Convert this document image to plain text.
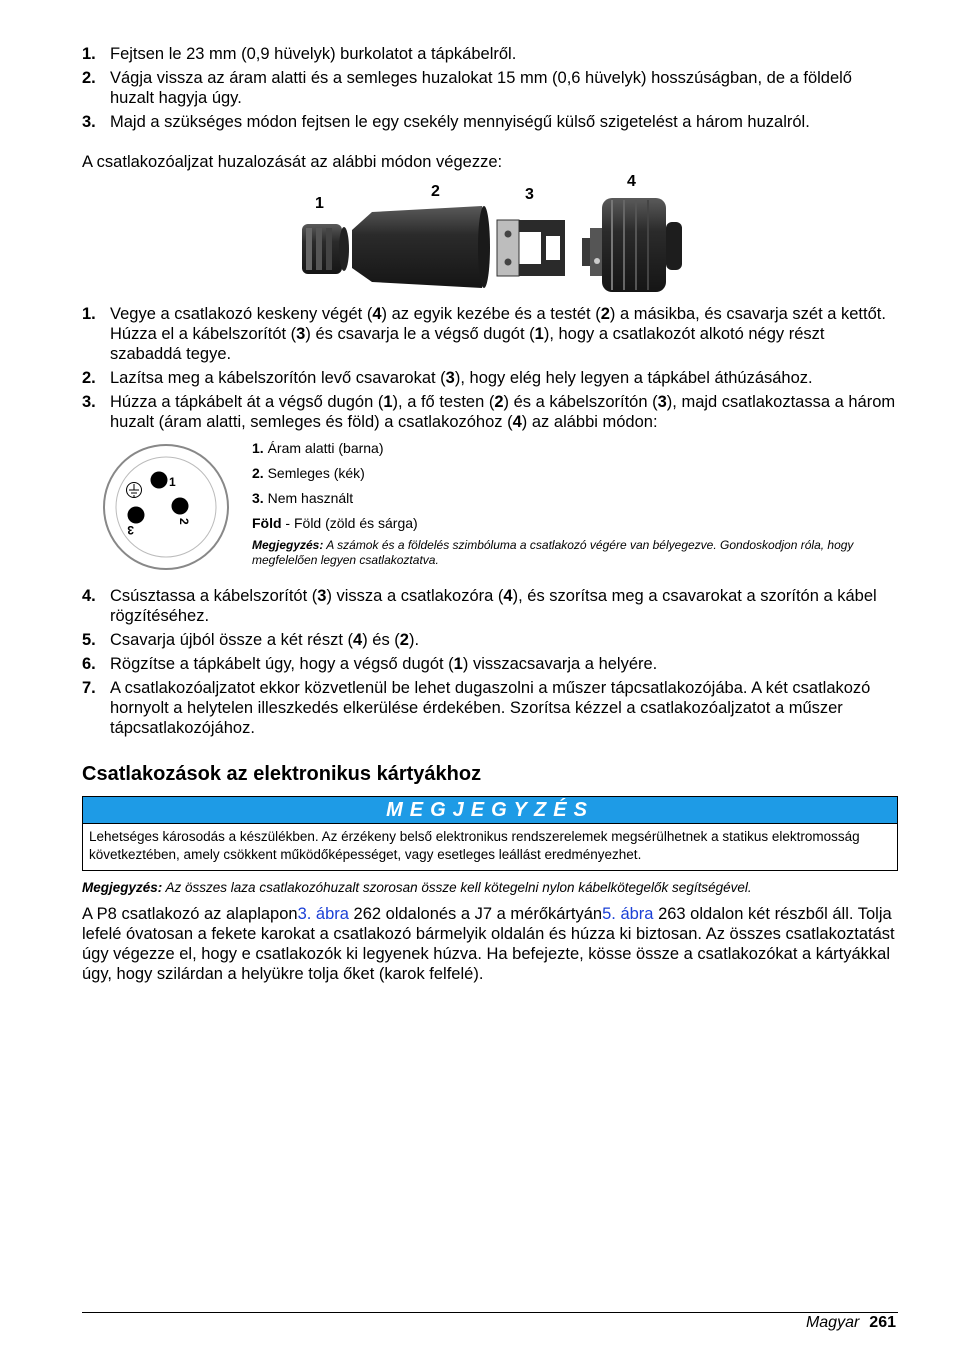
1. Fejtsen le 23 mm (0,9 hüvelyk) burkolatot a tápkábelről.
2. Vágja vissza az áram alatti és a semleges huzalokat 15 mm (0,6 hüvelyk) hosszúságban, de a földelő huzalt hagyja úgy.
3. Majd a szükséges módon fejtsen le egy csekély mennyiségű külső szigetelést a három huzalról.

A csatlakozóaljzat huzalozását az alábbi módon végezze:

1
2	3
4
1. Vegye a csatlakozó keskeny végét (4) az egyik kezébe és a testét (2) a másikba, és csavarja szét a kettőt. Húzza el a kábelszorítót (3) és csavarja le a végső dugót (1), hogy a csatlakozót alkotó négy részt szabaddá tegye.
2. Lazítsa meg a kábelszorítón levő csavarokat (3), hogy elég hely legyen a tápkábel áthúzásához.
3. Húzza a tápkábelt át a végső dugón (1), a fő testen (2) és a kábelszorítón (3), majd csatlakoztassa a három huzalt (áram alatti, semleges és föld) a csatlakozóhoz (4) az alábbi módon:
1
2
3
1. Áram alatti (barna)
2. Semleges (kék)
3. Nem használt
Föld - Föld (zöld és sárga)
Megjegyzés: A számok és a földelés szimbóluma a csatlakozó végére van bélyegezve. Gondoskodjon róla, hogy megfelelően legyen csatlakoztatva.
4. Csúsztassa a kábelszorítót (3) vissza a csatlakozóra (4), és szorítsa meg a csavarokat a szorítón a kábel rögzítéséhez.
5. Csavarja újból össze a két részt (4) és (2).
6. Rögzítse a tápkábelt úgy, hogy a végső dugót (1) visszacsavarja a helyére.
7. A csatlakozóaljzatot ekkor közvetlenül be lehet dugaszolni a műszer tápcsatlakozójába. A két csatlakozó hornyolt a helytelen illeszkedés elkerülése érdekében. Szorítsa kézzel a csatlakozóaljzatot a műszer tápcsatlakozójához.
Csatlakozások az elektronikus kártyákhoz
MEGJEGYZÉS
Lehetséges károsodás a készülékben. Az érzékeny belső elektronikus rendszerelemek megsérülhetnek a statikus elektromosság következtében, amely csökkent működőképességet, vagy esetleges leállást eredményezhet.

Megjegyzés: Az összes laza csatlakozóhuzalt szorosan össze kell kötegelni nylon kábelkötegelők segítségével.

A P8 csatlakozó az alaplapon3. ábra 262 oldalonés a J7 a mérőkártyán5. ábra 263 oldalon két részből áll. Tolja lefelé óvatosan a fekete karokat a csatlakozó bármelyik oldalán és húzza ki biztosan. Az összes csatlakoztatást úgy végezze el, hogy e csatlakozók ki legyenek húzva. Ha befejezte, kösse össze a csatlakozókat a kártyákkal úgy, hogy szilárdan a helyükre tolja őket (karok felfelé).

Magyar 261
